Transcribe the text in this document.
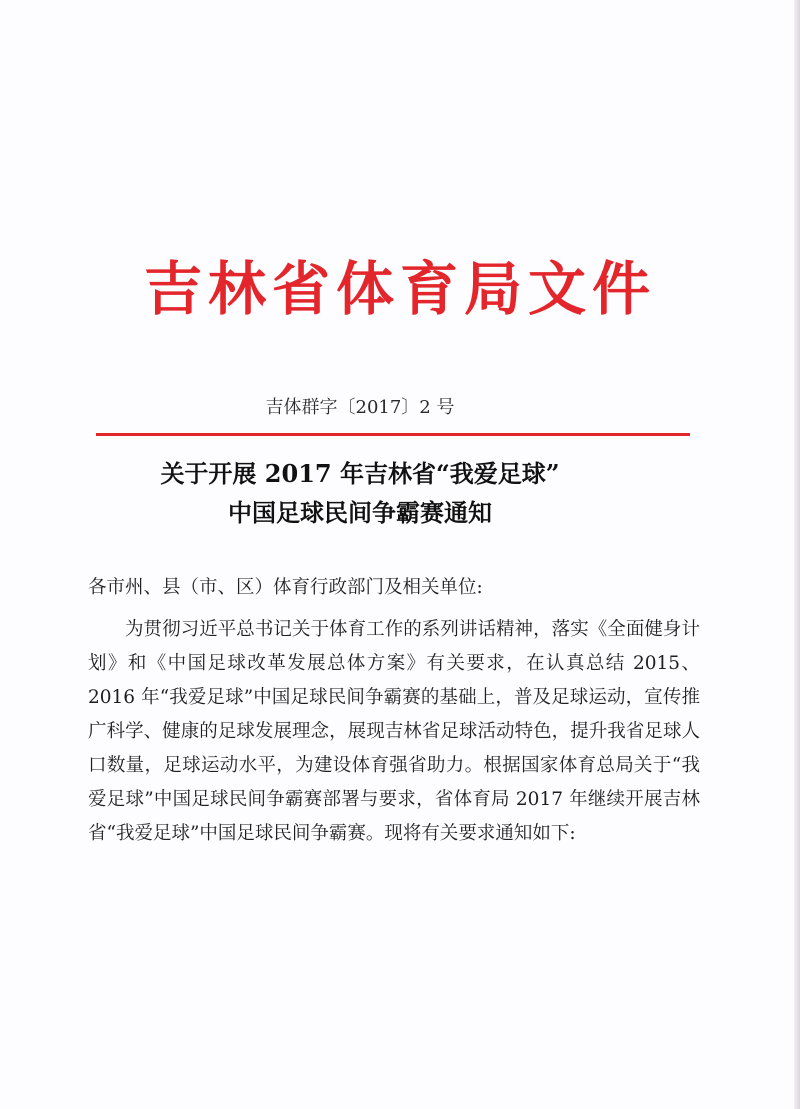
吉林省体育局文件
吉体群字〔2017〕2 号
关于开展 2017 年吉林省“我爱足球”
中国足球民间争霸赛通知
各市州、县（市、区）体育行政部门及相关单位:
为贯彻习近平总书记关于体育工作的系列讲话精神，落实《全面健身计划》和《中国足球改革发展总体方案》有关要求，在认真总结 2015、2016 年“我爱足球”中国足球民间争霸赛的基础上，普及足球运动，宣传推广科学、健康的足球发展理念，展现吉林省足球活动特色，提升我省足球人口数量，足球运动水平，为建设体育强省助力。根据国家体育总局关于“我爱足球”中国足球民间争霸赛部署与要求，省体育局 2017 年继续开展吉林省“我爱足球”中国足球民间争霸赛。现将有关要求通知如下:
